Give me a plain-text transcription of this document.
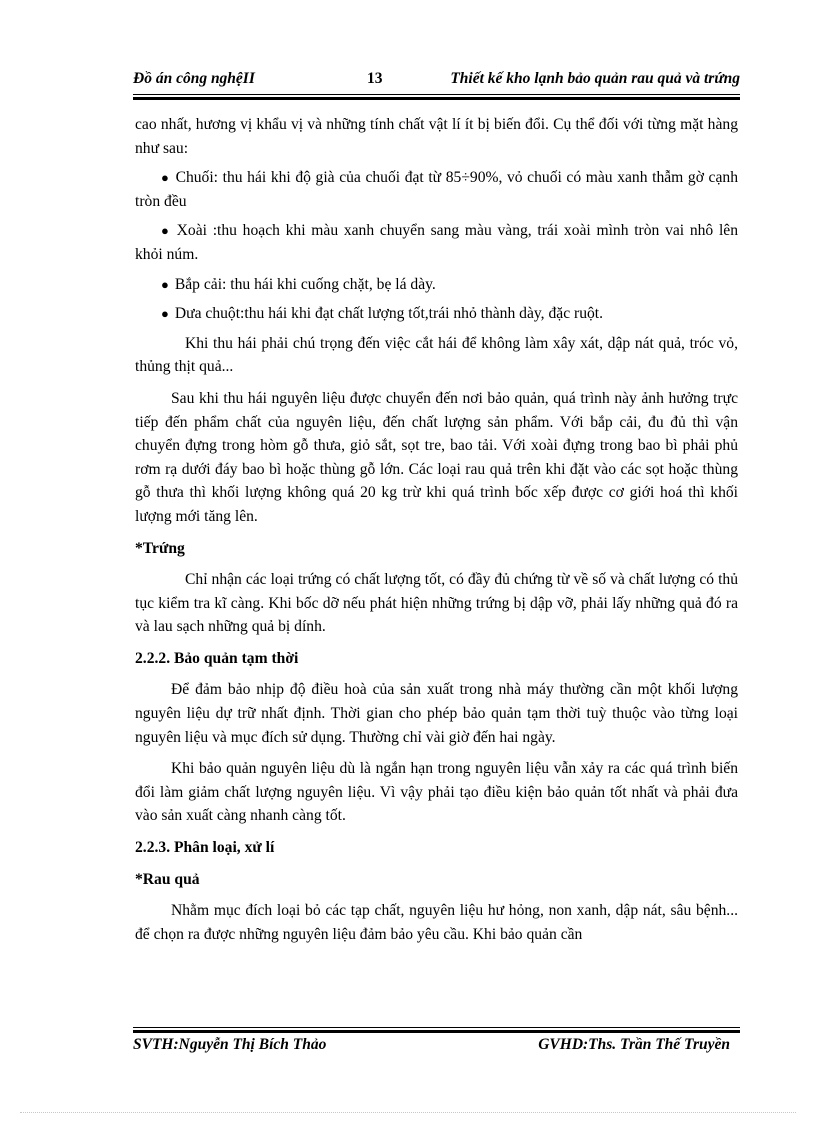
Đồ án công nghệII	13	Thiết kế kho lạnh bảo quản rau quả và trứng

cao nhất, hương vị khẩu vị và những tính chất vật lí ít bị biến đổi. Cụ thể đối với từng mặt hàng như sau:

● Chuối: thu hái khi độ già của chuối đạt từ 85÷90%, vỏ chuối có màu xanh thẫm gờ cạnh tròn đều

● Xoài :thu hoạch khi màu xanh chuyển sang màu vàng, trái xoài mình tròn vai nhô lên khỏi núm.

● Bắp cải: thu hái khi cuống chặt, bẹ lá dày.

● Dưa chuột:thu hái khi đạt chất lượng tốt,trái nhỏ thành dày, đặc ruột.

Khi thu hái phải chú trọng đến việc cắt hái để không làm xây xát, dập nát quả, tróc vỏ, thủng thịt quả...

Sau khi thu hái nguyên liệu được chuyển đến nơi bảo quản, quá trình này ảnh hưởng trực tiếp đến phẩm chất của nguyên liệu, đến chất lượng sản phẩm. Với bắp cải, đu đủ thì vận chuyển đựng trong hòm gỗ thưa, giỏ sắt, sọt tre, bao tải. Với xoài đựng trong bao bì phải phủ rơm rạ dưới đáy bao bì hoặc thùng gỗ lớn. Các loại rau quả trên khi đặt vào các sọt hoặc thùng gỗ thưa thì khối lượng không quá 20 kg trừ khi quá trình bốc xếp được cơ giới hoá thì khối lượng mới tăng lên.

*Trứng

Chỉ nhận các loại trứng có chất lượng tốt, có đầy đủ chứng từ về số và chất lượng có thủ tục kiểm tra kĩ càng. Khi bốc dỡ nếu phát hiện những trứng bị dập vỡ, phải lấy những quả đó ra và lau sạch những quả bị dính.

2.2.2. Bảo quản tạm thời

Để đảm bảo nhịp độ điều hoà của sản xuất trong nhà máy thường cần một khối lượng nguyên liệu dự trữ nhất định. Thời gian cho phép bảo quản tạm thời tuỳ thuộc vào từng loại nguyên liệu và mục đích sử dụng. Thường chỉ vài giờ đến hai ngày.

Khi bảo quản nguyên liệu dù là ngắn hạn trong nguyên liệu vẫn xảy ra các quá trình biến đổi làm giảm chất lượng nguyên liệu. Vì vậy phải tạo điều kiện bảo quản tốt nhất và phải đưa vào sản xuất càng nhanh càng tốt.

2.2.3. Phân loại, xử lí

*Rau quả

Nhằm mục đích loại bỏ các tạp chất, nguyên liệu hư hỏng, non xanh, dập nát, sâu bệnh... để chọn ra được những nguyên liệu đảm bảo yêu cầu. Khi bảo quản cần

SVTH:Nguyễn Thị Bích Thảo	GVHD:Ths. Trần Thế Truyền
